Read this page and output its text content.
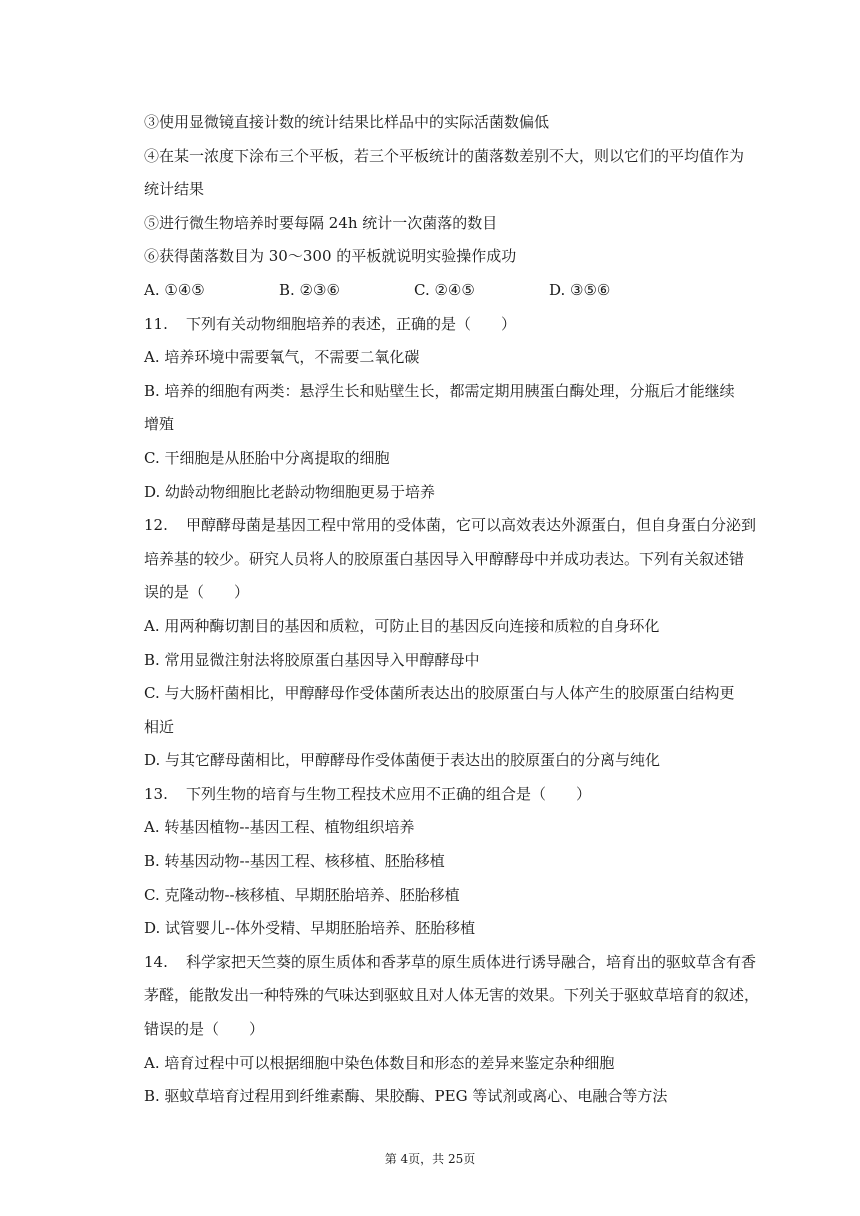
③使用显微镜直接计数的统计结果比样品中的实际活菌数偏低
④在某一浓度下涂布三个平板，若三个平板统计的菌落数差别不大，则以它们的平均值作为
统计结果
⑤进行微生物培养时要每隔 24h 统计一次菌落的数目
⑥获得菌落数目为 30～300 的平板就说明实验操作成功
A. ①④⑤	B. ②③⑥	C. ②④⑤	D. ③⑤⑥
11. 下列有关动物细胞培养的表述，正确的是（　　）
A. 培养环境中需要氧气，不需要二氧化碳
B. 培养的细胞有两类：悬浮生长和贴壁生长，都需定期用胰蛋白酶处理，分瓶后才能继续
增殖
C. 干细胞是从胚胎中分离提取的细胞
D. 幼龄动物细胞比老龄动物细胞更易于培养
12. 甲醇酵母菌是基因工程中常用的受体菌，它可以高效表达外源蛋白，但自身蛋白分泌到
培养基的较少。研究人员将人的胶原蛋白基因导入甲醇酵母中并成功表达。下列有关叙述错
误的是（　　）
A. 用两种酶切割目的基因和质粒，可防止目的基因反向连接和质粒的自身环化
B. 常用显微注射法将胶原蛋白基因导入甲醇酵母中
C. 与大肠杆菌相比，甲醇酵母作受体菌所表达出的胶原蛋白与人体产生的胶原蛋白结构更
相近
D. 与其它酵母菌相比，甲醇酵母作受体菌便于表达出的胶原蛋白的分离与纯化
13. 下列生物的培育与生物工程技术应用不正确的组合是（　　）
A. 转基因植物--基因工程、植物组织培养
B. 转基因动物--基因工程、核移植、胚胎移植
C. 克隆动物--核移植、早期胚胎培养、胚胎移植
D. 试管婴儿--体外受精、早期胚胎培养、胚胎移植
14. 科学家把天竺葵的原生质体和香茅草的原生质体进行诱导融合，培育出的驱蚊草含有香
茅醛，能散发出一种特殊的气味达到驱蚊且对人体无害的效果。下列关于驱蚊草培育的叙述，
错误的是（　　）
A. 培育过程中可以根据细胞中染色体数目和形态的差异来鉴定杂种细胞
B. 驱蚊草培育过程用到纤维素酶、果胶酶、PEG 等试剂或离心、电融合等方法
第 4页，共 25页
